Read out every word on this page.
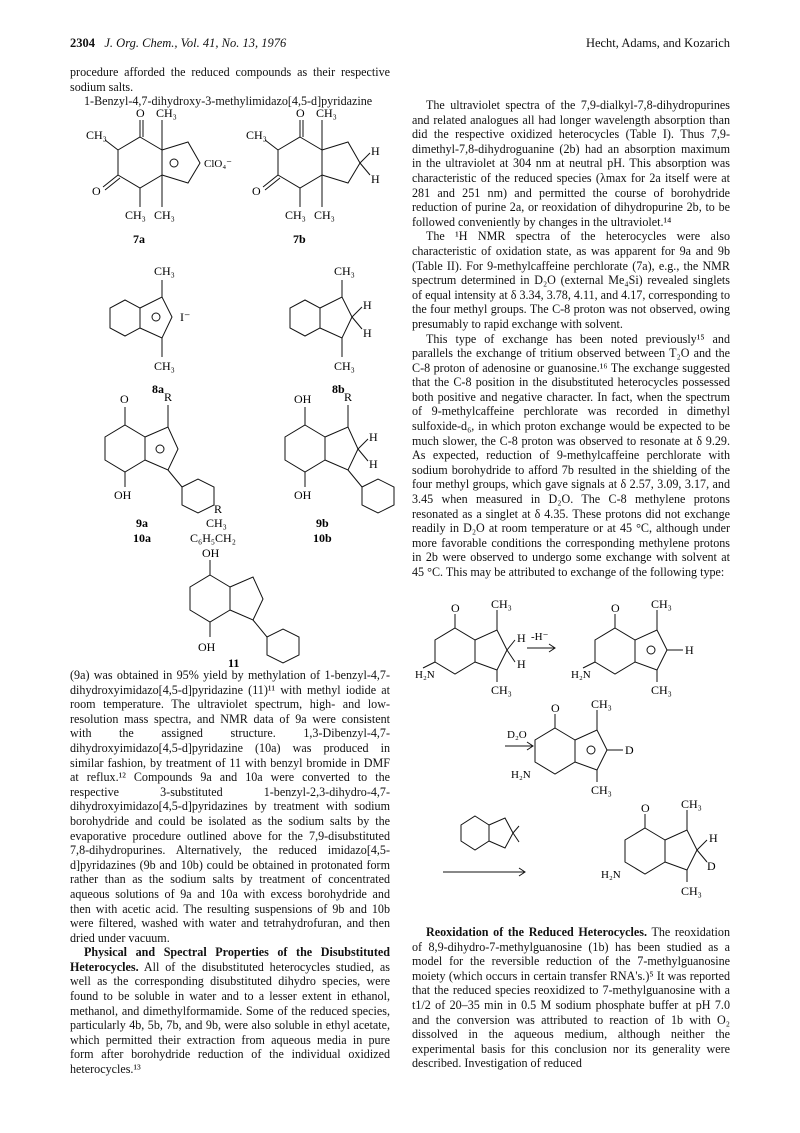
2304 J. Org. Chem., Vol. 41, No. 13, 1976	Hecht, Adams, and Kozarich

procedure afforded the reduced compounds as their respective sodium salts.

1-Benzyl-4,7-dihydroxy-3-methylimidazo[4,5-d]pyridazine

O CH₃
CH₃
O
ClO₄⁻
CH₃ CH₃
7a
O CH₃
CH₃
O
H
H
CH₃ CH₃
7b
CH₃
I⁻
CH₃
8a
CH₃
H
H
CH₃
8b
O	R
OH
OH	R
H
H
OH
R
9a	CH₃	9b
10a	C₆H₅CH₂	10b
OH
OH
11

(9a) was obtained in 95% yield by methylation of 1-benzyl-4,7-dihydroxyimidazo[4,5-d]pyridazine (11)¹¹ with methyl iodide at room temperature. The ultraviolet spectrum, high- and low-resolution mass spectra, and NMR data of 9a were consistent with the assigned structure. 1,3-Dibenzyl-4,7-dihydroxyimidazo[4,5-d]pyridazine (10a) was produced in similar fashion, by treatment of 11 with benzyl bromide in DMF at reflux.¹² Compounds 9a and 10a were converted to the respective 3-substituted 1-benzyl-2,3-dihydro-4,7-dihydroxyimidazo[4,5-d]pyridazines by treatment with sodium borohydride and could be isolated as the sodium salts by the evaporative procedure outlined above for the 7,9-disubstituted 7,8-dihydropurines. Alternatively, the reduced imidazo[4,5-d]pyridazines (9b and 10b) could be obtained in protonated form rather than as the sodium salts by treatment of concentrated aqueous solutions of 9a and 10a with excess borohydride and then with acetic acid. The resulting suspensions of 9b and 10b were filtered, washed with water and tetrahydrofuran, and then dried under vacuum.

Physical and Spectral Properties of the Disubstituted Heterocycles. All of the disubstituted heterocycles studied, as well as the corresponding disubstituted dihydro species, were found to be soluble in water and to a lesser extent in ethanol, methanol, and dimethylformamide. Some of the reduced species, particularly 4b, 5b, 7b, and 9b, were also soluble in ethyl acetate, which permitted their extraction from aqueous media in pure form after borohydride reduction of the individual oxidized heterocycles.¹³

The ultraviolet spectra of the 7,9-dialkyl-7,8-dihydropurines and related analogues all had longer wavelength absorption than did the respective oxidized heterocycles (Table I). Thus 7,9-dimethyl-7,8-dihydroguanine (2b) had an absorption maximum in the ultraviolet at 304 nm at neutral pH. This absorption was characteristic of the reduced species (λmax for 2a itself were at 281 and 251 nm) and permitted the course of borohydride reduction of purine 2a, or reoxidation of dihydropurine 2b, to be followed conveniently by changes in the ultraviolet.¹⁴

The ¹H NMR spectra of the heterocycles were also characteristic of oxidation state, as was apparent for 9a and 9b (Table II). For 9-methylcaffeine perchlorate (7a), e.g., the NMR spectrum determined in D₂O (external Me₄Si) revealed singlets of equal intensity at δ 3.34, 3.78, 4.11, and 4.17, corresponding to the four methyl groups. The C-8 proton was not observed, owing presumably to rapid exchange with solvent.

This type of exchange has been noted previously¹⁵ and parallels the exchange of tritium observed between T₂O and the C-8 proton of adenosine or guanosine.¹⁶ The exchange suggested that the C-8 position in the disubstituted heterocycles possessed both positive and negative character. In fact, when the spectrum of 9-methylcaffeine perchlorate was recorded in dimethyl sulfoxide-d₆, in which proton exchange would be expected to be much slower, the C-8 proton was observed to resonate at δ 9.29. As expected, reduction of 9-methylcaffeine perchlorate with sodium borohydride to afford 7b resulted in the shielding of the four methyl groups, which gave signals at δ 2.57, 3.09, 3.17, and 3.45 when measured in D₂O. The C-8 methylene protons resonated as a singlet at δ 4.35. These protons did not exchange readily in D₂O at room temperature or at 45 °C, although under more favorable conditions the corresponding methylene protons in 2b were observed to undergo some exchange with solvent at 45 °C. This may be attributed to exchange of the following type:

O	CH₃
H
H
H₂N
CH₃
-H⁻
O	CH₃
H
H₂N
CH₃
D₂O
O	CH₃
D
H₂N
CH₃
O	CH₃
H
D
H₂N
CH₃

Reoxidation of the Reduced Heterocycles. The reoxidation of 8,9-dihydro-7-methylguanosine (1b) has been studied as a model for the reversible reduction of the 7-methylguanosine moiety (which occurs in certain transfer RNA's.)⁵ It was reported that the reduced species reoxidized to 7-methylguanosine with a t1/2 of 20–35 min in 0.5 M sodium phosphate buffer at pH 7.0 and the conversion was attributed to reaction of 1b with O₂ dissolved in the aqueous medium, although neither the experimental basis for this conclusion nor its generality were described. Investigation of reduced
